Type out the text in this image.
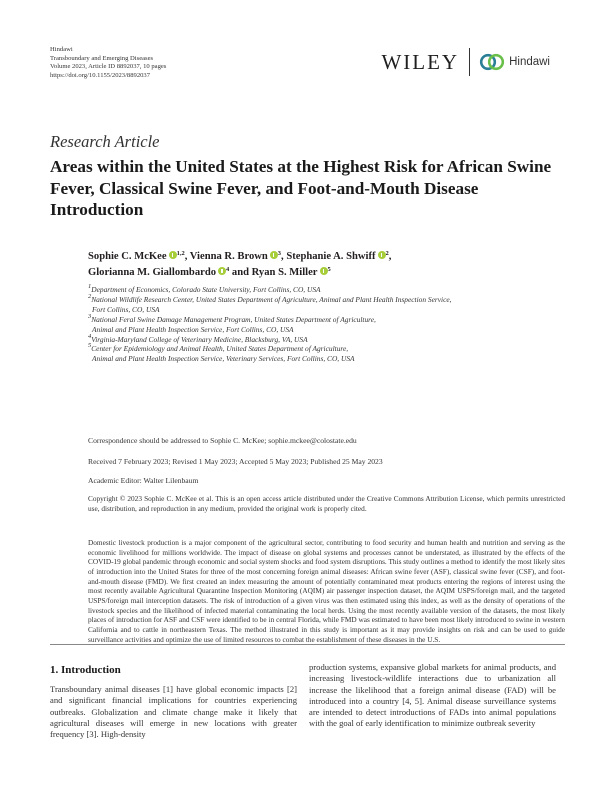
Hindawi
Transboundary and Emerging Diseases
Volume 2023, Article ID 8892037, 10 pages
https://doi.org/10.1155/2023/8892037
WILEY	Hindawi
Research Article
Areas within the United States at the Highest Risk for African Swine Fever, Classical Swine Fever, and Foot-and-Mouth Disease Introduction
Sophie C. McKee $^{1,2}$, Vienna R. Brown $^3$, Stephanie A. Shwiff $^2$,
Glorianna M. Giallombardo $^4$ and Ryan S. Miller $^5$
$^1$Department of Economics, Colorado State University, Fort Collins, CO, USA
$^2$National Wildlife Research Center, United States Department of Agriculture, Animal and Plant Health Inspection Service,
Fort Collins, CO, USA
$^3$National Feral Swine Damage Management Program, United States Department of Agriculture,
Animal and Plant Health Inspection Service, Fort Collins, CO, USA
$^4$Virginia-Maryland College of Veterinary Medicine, Blacksburg, VA, USA
$^5$Center for Epidemiology and Animal Health, United States Department of Agriculture,
Animal and Plant Health Inspection Service, Veterinary Services, Fort Collins, CO, USA
Correspondence should be addressed to Sophie C. McKee; sophie.mckee@colostate.edu
Received 7 February 2023; Revised 1 May 2023; Accepted 5 May 2023; Published 25 May 2023
Academic Editor: Walter Lilenbaum
Copyright © 2023 Sophie C. McKee et al. This is an open access article distributed under the Creative Commons Attribution License, which permits unrestricted use, distribution, and reproduction in any medium, provided the original work is properly cited.
Domestic livestock production is a major component of the agricultural sector, contributing to food security and human health and nutrition and serving as the economic livelihood for millions worldwide. The impact of disease on global systems and processes cannot be understated, as illustrated by the effects of the COVID-19 global pandemic through economic and social system shocks and food system disruptions. This study outlines a method to identify the most likely sites of introduction into the United States for three of the most concerning foreign animal diseases: African swine fever (ASF), classical swine fever (CSF), and foot-and-mouth disease (FMD). We first created an index measuring the amount of potentially contaminated meat products entering the regions of interest using the most recently available Agricultural Quarantine Inspection Monitoring (AQIM) air passenger inspection dataset, the AQIM USPS/foreign mail, and the targeted USPS/foreign mail interception datasets. The risk of introduction of a given virus was then estimated using this index, as well as the density of operations of the livestock species and the likelihood of infected material contaminating the local herds. Using the most recently available version of the datasets, the most likely places of introduction for ASF and CSF were identified to be in central Florida, while FMD was estimated to have been most likely introduced to swine in western California and to cattle in northeastern Texas. The method illustrated in this study is important as it may provide insights on risk and can be used to guide surveillance activities and optimize the use of limited resources to combat the establishment of these diseases in the U.S.
1. Introduction
Transboundary animal diseases [1] have global economic impacts [2] and significant financial implications for countries experiencing outbreaks. Globalization and climate change make it likely that agricultural diseases will emerge in new locations with greater frequency [3]. High-density
production systems, expansive global markets for animal products, and increasing livestock-wildlife interactions due to urbanization all increase the likelihood that a foreign animal disease (FAD) will be introduced into a country [4, 5]. Animal disease surveillance systems are intended to detect introductions of FADs into animal populations with the goal of early identification to minimize outbreak severity
